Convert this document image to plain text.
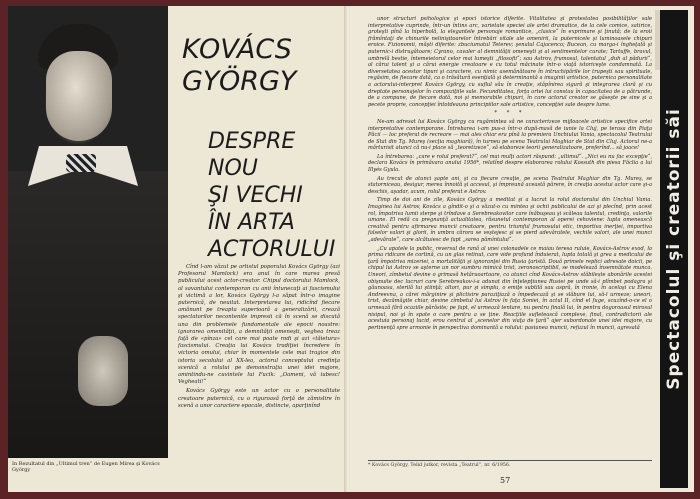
In Rezultatul din „Ultimul tren” de Eugen Mirea şi Kovács György
KOVÁCS
GYÖRGY
DESPRE
NOU
ŞI VECHI
ÎN ARTA
ACTORULUI

Cînd l-am văzut pe artistul poporului Kovács György (azi Profesorul Mamlock) era anul în care marea presă publicului acest actor-creator. Chipul doctorului Mamlock, al savantului contemporan cu anii întunecaţi ai fascismului şi victimă a lor, Kovács György l-a săpat într-o imagine puternică, de neuitat. Interpretarea lui, ridicînd fiecare amănunt pe treapta superioară a generalizării, crează spectatorilor necontenite impresii că în scenă se discută una din problemele fundamentale ale epocii noastre: ignorarea omenităţii, a demnităţii omeneşti, veghea treaz faţă de «pînza» cel care mai poate rodi şi azi «tăietura» fascismului. Creaţia lui Kovács tradiţiei încredere în victoria omului, chiar în momentele cele mai tragice din istoria secolului al XX-lea, actorul conceptului credinţa scenică a rolului pe demonstraţia unei idei majore, amintindu-ne cuvintele lui Fucik: „Oameni, vă iubesc! Vegheati!“

Kovács György este un actor cu o personalitate creatoare puternică, cu o riguroasă forţă de zămislire în scenă a unor caractere epocale, distincte, aparţinînd

unor structuri psihologice şi epoci istorice diferite. Vitalitatea şi protestatea posibilităţilor sale interpretative cuprinde, într-un întins arc, varietate speciei ale artei dramatice, de la cele comice, satirice, groteşti pînă la hiperbolă, la elegantele personaje romantice, „clasice“ în exprimare şi ţinută; de la eroii frămîntaţi de chinurile nelinişitoarelor întrebări vitale ale omenirii, la puternicele şi luminoasele chipuri eroice. Fizionomii, măşti diferite: zbuciumatul Teterev; şenalul Cajacenco; Bucean, cu marga-i îngheţată şi puternic-i distrugătoare; Cyrano, cavaler al demnităţii omeneşti şi al sentimentelor curate; Tartuffe, bravul, umbrelă bestie, întemeietorul celor mai lumeşti „filosofii“; sau Astrov, frumosul, talentatul „duh al pădurii“, al cărui talent şi a cărui energie creatoare e cu totul măcinate într-o viaţă istoriceşte condamnată. La diversetatea acestor tipuri şi caractere, cu nimic asemănătoare în intruchipările lor trupeşti sau spirituale, regăsim, de fiecare dată, ca o trăsătură esenţială şi determinantă a imaginii artistice, puternica personalitate a actorului-interpret Kovács György, cu suflul său în creaţie, stăpînirea sigură şi integrarea clară şi cu dreptate personajelor în compoziţiile sale. Fecunditatea, forţa artei lui constau în capacitatea de a pătrunde, de a compune, de fiecare dată, noi şi memorabile chipuri, în care actorul creator se găseşte pe sine şi a pecete proprie, concepţiei întotdeauna principiilor sale artistice, concepţiei sale despre lume.

* * *

Ne-am adresat lui Kovács György cu rugămintea să ne caracterizeze mijloacele artistice specifice artei interpretative contemporane. Întrebarea i-am pus-o într-o după-masă de iunie la Cluj, pe terasa din Piaţa Păcii — loc preferat de recreare — mai ales chiar era pînă la premiera Unchiului Vania, spectacolul Teatrului de Stat din Tg. Mureş (secţia maghiară), în turneu pe scena Teatrului Maghiar de Stat din Cluj. Actorul ne-a mărturisit atunci că nu-i place să „teoretizeze“, să elaboreze teorii generalizatoare, preferînd... să joace!

La întrebarea: „care e rolul preferat?“, cel mai mulţi actori răspund: „ultimul“. „Nici eu nu fac excepţie“, declara Kovács în primăvara anului 1956*, relatînd despre elaborarea rolului Kossuth din piesa Făclia a lui Illyés Gyula.

Au trecut de atunci şapte ani, şi cu fiecare creaţie, pe scena Teatrului Maghiar din Tg. Mureş, se statorniceau, desigur, merea înnoită şi accesul, şi împreună această părere, în creaţia acestui actor care şi-a deschis, aşadar, acum, rolul preferat e Astrov.

Timp de doi ani de zile, Kovács György a meditat şi a lucrat la rolul doctorului din Unchiul Vania. Imaginea lui Astrov, Kovács a gîndit-o şi a văzut-o cu mintea şi ochii publicului de azi şi plecînd, prin acest rol, împotriva lumii sterpe şi trîndave a Serebreakovilor care înăbuşeau şi scăleau talentul, credinţa, valorile umane. El redă cu pregnanţă actualitatea, răsunetul contemporan al operei cehoviene: lupta omenească creativă pentru afirmarea muncii creatoare, pentru triumful frumosului etic, importiva inerţiei, importiva falselor valori şi glorii, în umbra cărora se veştejesc şi se pierd adevăratele, vechile valori, ale unei munci „adevărate“, care alcătuiesc de fapt „sarea pămîntului“.

„Cu apatele la public, reversul de rană al unei colonadele ce maiau teresa ruluie, Kovács-Astrov exod, la prima ridicare de cortină, cu un glas retinut, care vide profund înduierat, lupta totală şi grea a medicului de ţară împotriva mizeriei, a mortalităţii şi ignoranţei din Rusia ţaristă. Două primele replici adresate doicii, pe chipul lui Astrov se aşterne un nor sumbru mimică trist, zeronoscriptibil, se modelează însemnătate munca. Uneori, zîmbetul devine o grimasă hetăruoartoare, ca atunci cînd Kovács-Astrov stăbilește abonările acestei obişnuite dec lucruri care Serebreakov-i-a adunat din înţelepţiunea Rusiei pe unde să-i plîmbet podagra şi găunoasa, sterilă lui ştiinţă; altori, pur şi simplu, o emiţe subtilă sau aspră, în ironie, în acelaşi cu Elena Andreevna, a cărei mărginire şi plictisire paraziţiază o împedecază şi se slăbure lui, să-l urmeze; uneori, trist, dezămăgite chiar, devine zîmbetul lui Astrov în faţa Soniei, în actul II, cînd el fuge, scuzînd-o-ce el o urmează fără ocaziile părăsite; pe fapt, el urmează tentare, nu pentru finală lui, în pentru dogoroasul mirosul nisipul, noi şi în spate o care pentru a se ţine. Reacţiile sufletească complexe, final, contradictorii ale acestuia personaj lucid, erou central al „scenelor din viaţa de ţară“ ajer subordonate unei idei majore, cu pertinenţă spre armonie în perspectiva dominantă a rolului: pasiunea muncii, refuzul în muncii, agresată

* Kovács György, Telid jutkor, revista „Teatrul“, nr. 6/1956.
57
Spectacolul şi creatorii săi
